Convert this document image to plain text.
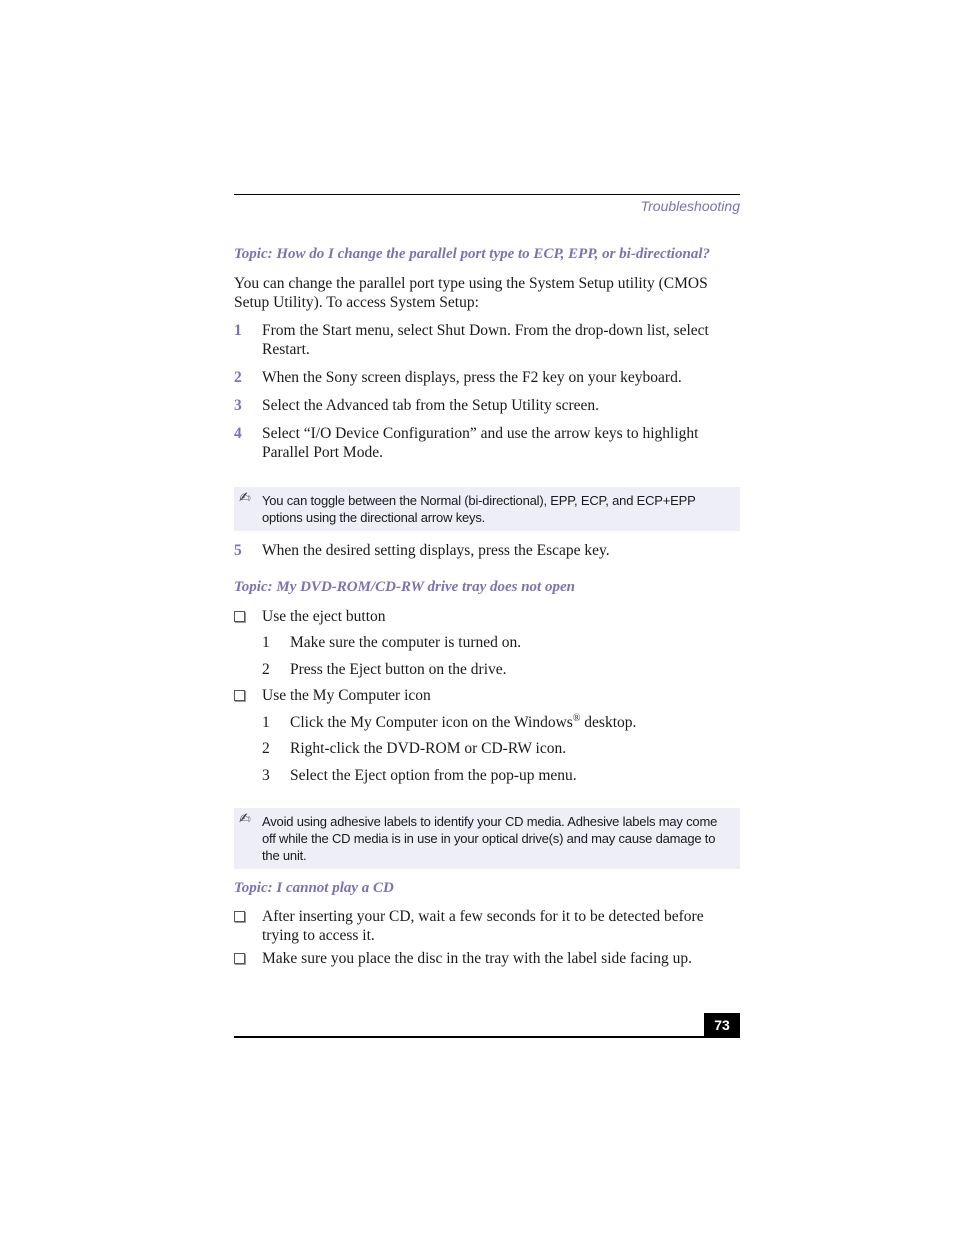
Troubleshooting
Topic: How do I change the parallel port type to ECP, EPP, or bi-directional?
You can change the parallel port type using the System Setup utility (CMOS Setup Utility). To access System Setup:
1 From the Start menu, select Shut Down. From the drop-down list, select Restart.
2 When the Sony screen displays, press the F2 key on your keyboard.
3 Select the Advanced tab from the Setup Utility screen.
4 Select “I/O Device Configuration” and use the arrow keys to highlight Parallel Port Mode.
✍ You can toggle between the Normal (bi-directional), EPP, ECP, and ECP+EPP options using the directional arrow keys.
5 When the desired setting displays, press the Escape key.
Topic: My DVD-ROM/CD-RW drive tray does not open
Use the eject button
1 Make sure the computer is turned on.
2 Press the Eject button on the drive.
Use the My Computer icon
1 Click the My Computer icon on the Windows® desktop.
2 Right-click the DVD-ROM or CD-RW icon.
3 Select the Eject option from the pop-up menu.
✍ Avoid using adhesive labels to identify your CD media. Adhesive labels may come off while the CD media is in use in your optical drive(s) and may cause damage to the unit.
Topic: I cannot play a CD
After inserting your CD, wait a few seconds for it to be detected before trying to access it.
Make sure you place the disc in the tray with the label side facing up.
73
